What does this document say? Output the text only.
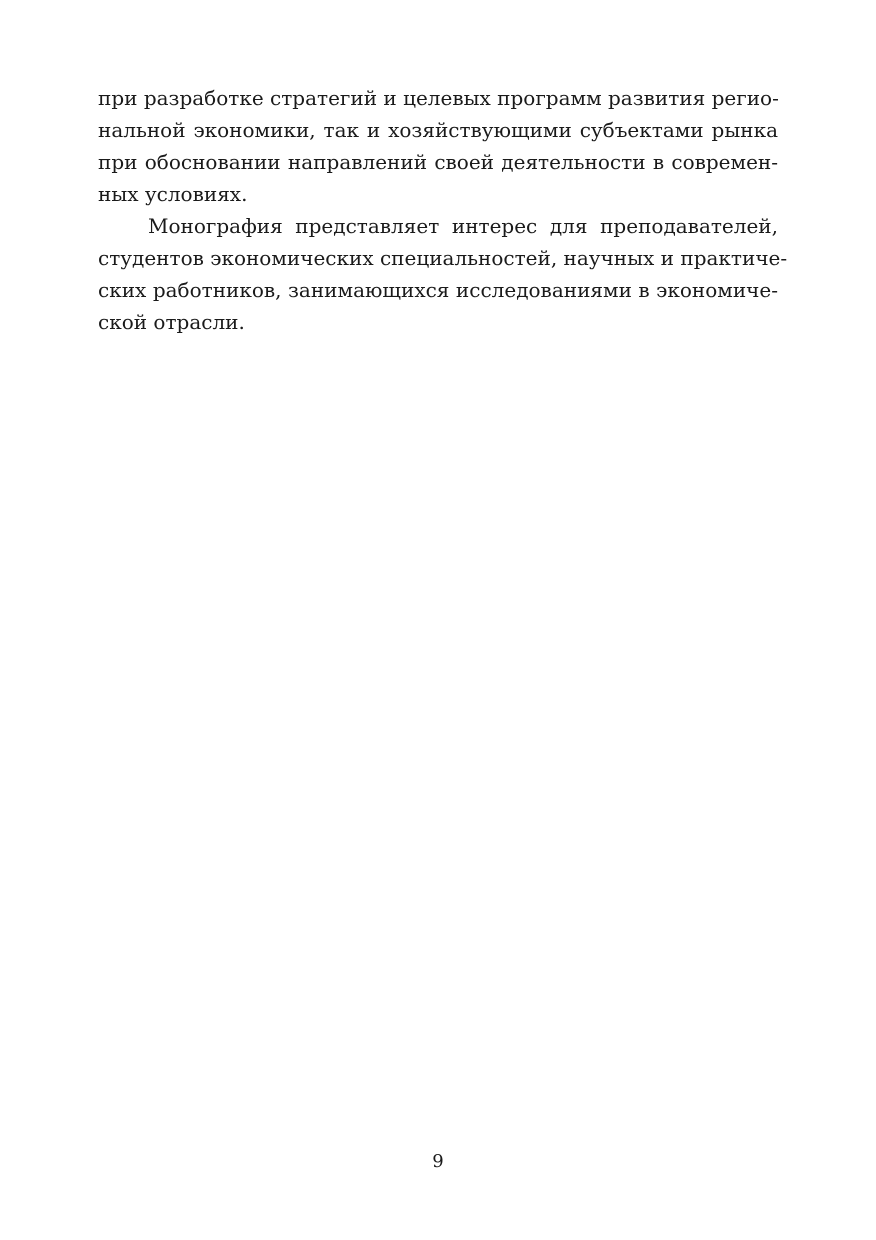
при разработке стратегий и целевых программ развития регио-
нальной экономики, так и хозяйствующими субъектами рынка
при обосновании направлений своей деятельности в современ-
ных условиях.
Монография представляет интерес для преподавателей,
студентов экономических специальностей, научных и практиче-
ских работников, занимающихся исследованиями в экономиче-
ской отрасли.
9
